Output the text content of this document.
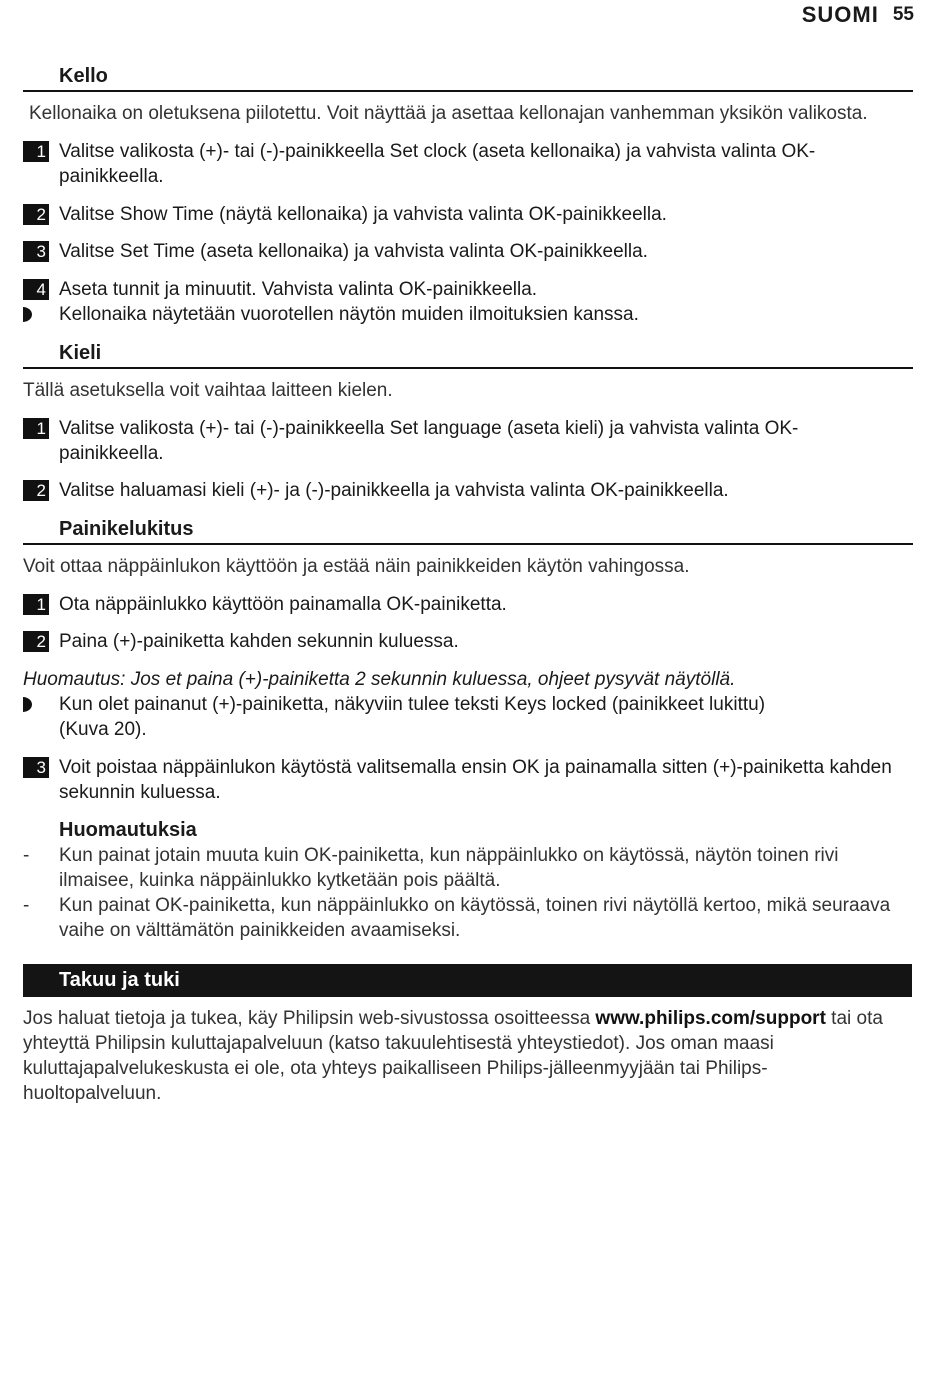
SUOMI 55
Kello
Kellonaika on oletuksena piilotettu. Voit näyttää ja asettaa kellonajan vanhemman yksikön valikosta.
1 Valitse valikosta (+)- tai (-)-painikkeella Set clock (aseta kellonaika) ja vahvista valinta OK-painikkeella.
2 Valitse Show Time (näytä kellonaika) ja vahvista valinta OK-painikkeella.
3 Valitse Set Time (aseta kellonaika) ja vahvista valinta OK-painikkeella.
4 Aseta tunnit ja minuutit. Vahvista valinta OK-painikkeella.
Kellonaika näytetään vuorotellen näytön muiden ilmoituksien kanssa.
Kieli
Tällä asetuksella voit vaihtaa laitteen kielen.
1 Valitse valikosta (+)- tai (-)-painikkeella Set language (aseta kieli) ja vahvista valinta OK-painikkeella.
2 Valitse haluamasi kieli (+)- ja (-)-painikkeella ja vahvista valinta OK-painikkeella.
Painikelukitus
Voit ottaa näppäinlukon käyttöön ja estää näin painikkeiden käytön vahingossa.
1 Ota näppäinlukko käyttöön painamalla OK-painiketta.
2 Paina (+)-painiketta kahden sekunnin kuluessa.
Huomautus: Jos et paina (+)-painiketta 2 sekunnin kuluessa, ohjeet pysyvät näytöllä.
Kun olet painanut (+)-painiketta, näkyviin tulee teksti Keys locked (painikkeet lukittu) (Kuva 20).
3 Voit poistaa näppäinlukon käytöstä valitsemalla ensin OK ja painamalla sitten (+)-painiketta kahden sekunnin kuluessa.
Huomautuksia
- Kun painat jotain muuta kuin OK-painiketta, kun näppäinlukko on käytössä, näytön toinen rivi ilmaisee, kuinka näppäinlukko kytketään pois päältä.
- Kun painat OK-painiketta, kun näppäinlukko on käytössä, toinen rivi näytöllä kertoo, mikä seuraava vaihe on välttämätön painikkeiden avaamiseksi.
Takuu ja tuki
Jos haluat tietoja ja tukea, käy Philipsin web-sivustossa osoitteessa www.philips.com/support tai ota yhteyttä Philipsin kuluttajapalveluun (katso takuulehtisestä yhteystiedot). Jos oman maasi kuluttajapalvelukeskusta ei ole, ota yhteys paikalliseen Philips-jälleenmyyjään tai Philips-huoltopalveluun.
